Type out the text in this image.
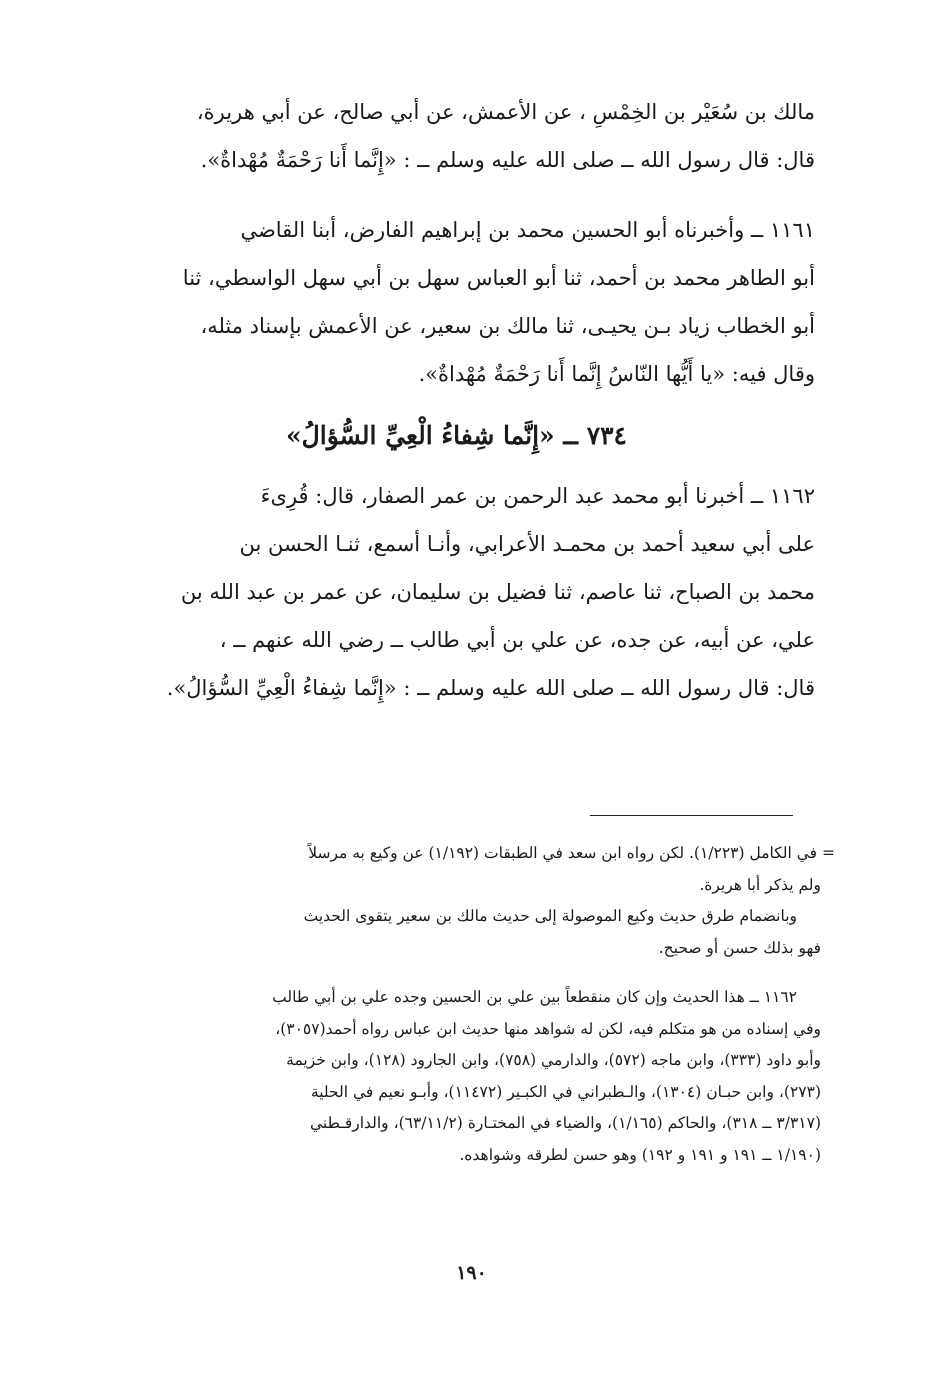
مالك بن سُعَيْر بن الخِمْسِ ، عن الأعمش، عن أبي صالح، عن أبي هريرة،

قال: قال رسول الله ــ صلى الله عليه وسلم ــ : «إِنَّما أَنا رَحْمَةٌ مُهْداةٌ».

١١٦١ ــ وأخبرناه أبو الحسين محمد بن إبراهيم الفارض، أبنا القاضي

أبو الطاهر محمد بن أحمد، ثنا أبو العباس سهل بن أبي سهل الواسطي، ثنا

أبو الخطاب زياد بـن يحيـى، ثنا مالك بن سعير، عن الأعمش بإسناد مثله،

وقال فيه: «يا أَيُّها النّاسُ إِنَّما أَنا رَحْمَةٌ مُهْداةٌ».

٧٣٤ ــ «إِنَّما شِفاءُ الْعِيِّ السُّؤالُ»

١١٦٢ ــ أخبرنا أبو محمد عبد الرحمن بن عمر الصفار، قال: قُرِىءَ

على أبي سعيد أحمد بن محمـد الأعرابي، وأنـا أسمع، ثنـا الحسن بن

محمد بن الصباح، ثنا عاصم، ثنا فضيل بن سليمان، عن عمر بن عبد الله بن

علي، عن أبيه، عن جده، عن علي بن أبي طالب ــ رضي الله عنهم ــ ،

قال: قال رسول الله ــ صلى الله عليه وسلم ــ : «إِنَّما شِفاءُ الْعِيِّ السُّؤالُ».

= في الكامل (١/٢٢٣). لكن رواه ابن سعد في الطبقات (١/١٩٢) عن وكيع به مرسلاً

ولم يذكر أبا هريرة.

وبانضمام طرق حديث وكيع الموصولة إلى حديث مالك بن سعير يتقوى الحديث

فهو بذلك حسن أو صحيح.

١١٦٢ ــ هذا الحديث وإن كان منقطعاً بين علي بن الحسين وجده علي بن أبي طالب

وفي إسناده من هو متكلم فيه، لكن له شواهد منها حديث ابن عباس رواه أحمد(٣٠٥٧)،

وأبو داود (٣٣٣)، وابن ماجه (٥٧٢)، والدارمي (٧٥٨)، وابن الجارود (١٢٨)، وابن خزيمة

(٢٧٣)، وابن حبـان (١٣٠٤)، والـطبراني في الكبـير (١١٤٧٢)، وأبـو نعيم في الحلية

(٣/٣١٧ ــ ٣١٨)، والحاكم (١/١٦٥)، والضياء في المختـارة (٦٣/١١/٢)، والدارقـطني

(١/١٩٠ ــ ١٩١ و ١٩١ و ١٩٢) وهو حسن لطرقه وشواهده.

١٩٠
